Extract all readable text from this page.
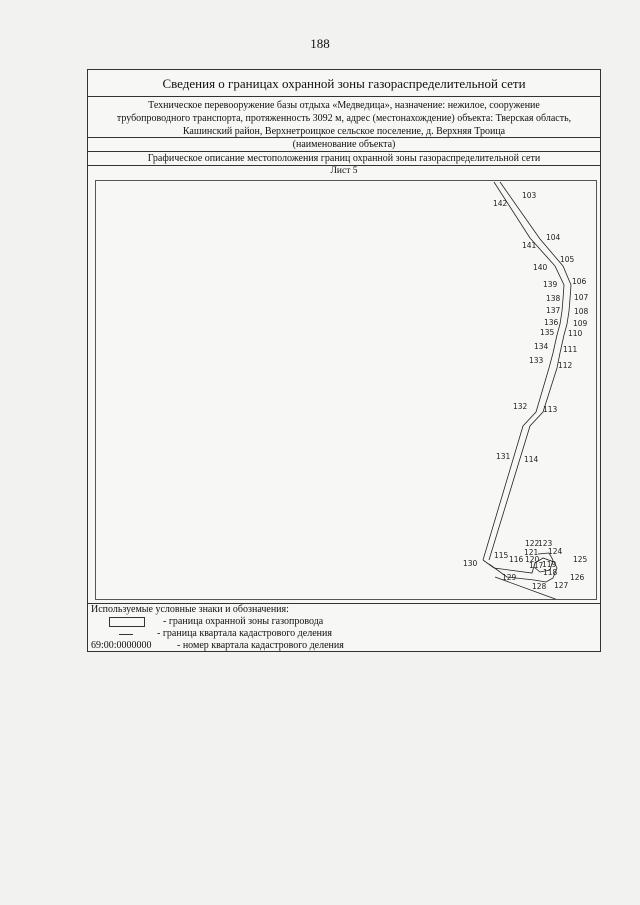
188
Сведения о границах охранной зоны газораспределительной сети
Техническое перевооружение базы отдыха «Медведица», назначение: нежилое, сооружение
трубопроводного транспорта, протяженность 3092 м, адрес (местонахождение) объекта: Тверская область,
Кашинский район, Верхнетроицкое сельское поселение, д. Верхняя Троица
(наименование объекта)
Графическое описание местоположения границ охранной зоны газораспределительной сети
Лист 5
103
104
105
106
107
108
109
110
111
112
113
114
115 116
117
118
119
120
121
122
123
124
125
126
127
128
129
130
131
132
133
134
135
136
137
138
139
140
141
142
Используемые условные знаки и обозначения:
- граница охранной зоны газопровода
- граница квартала кадастрового деления
69:00:0000000	- номер квартала кадастрового деления
